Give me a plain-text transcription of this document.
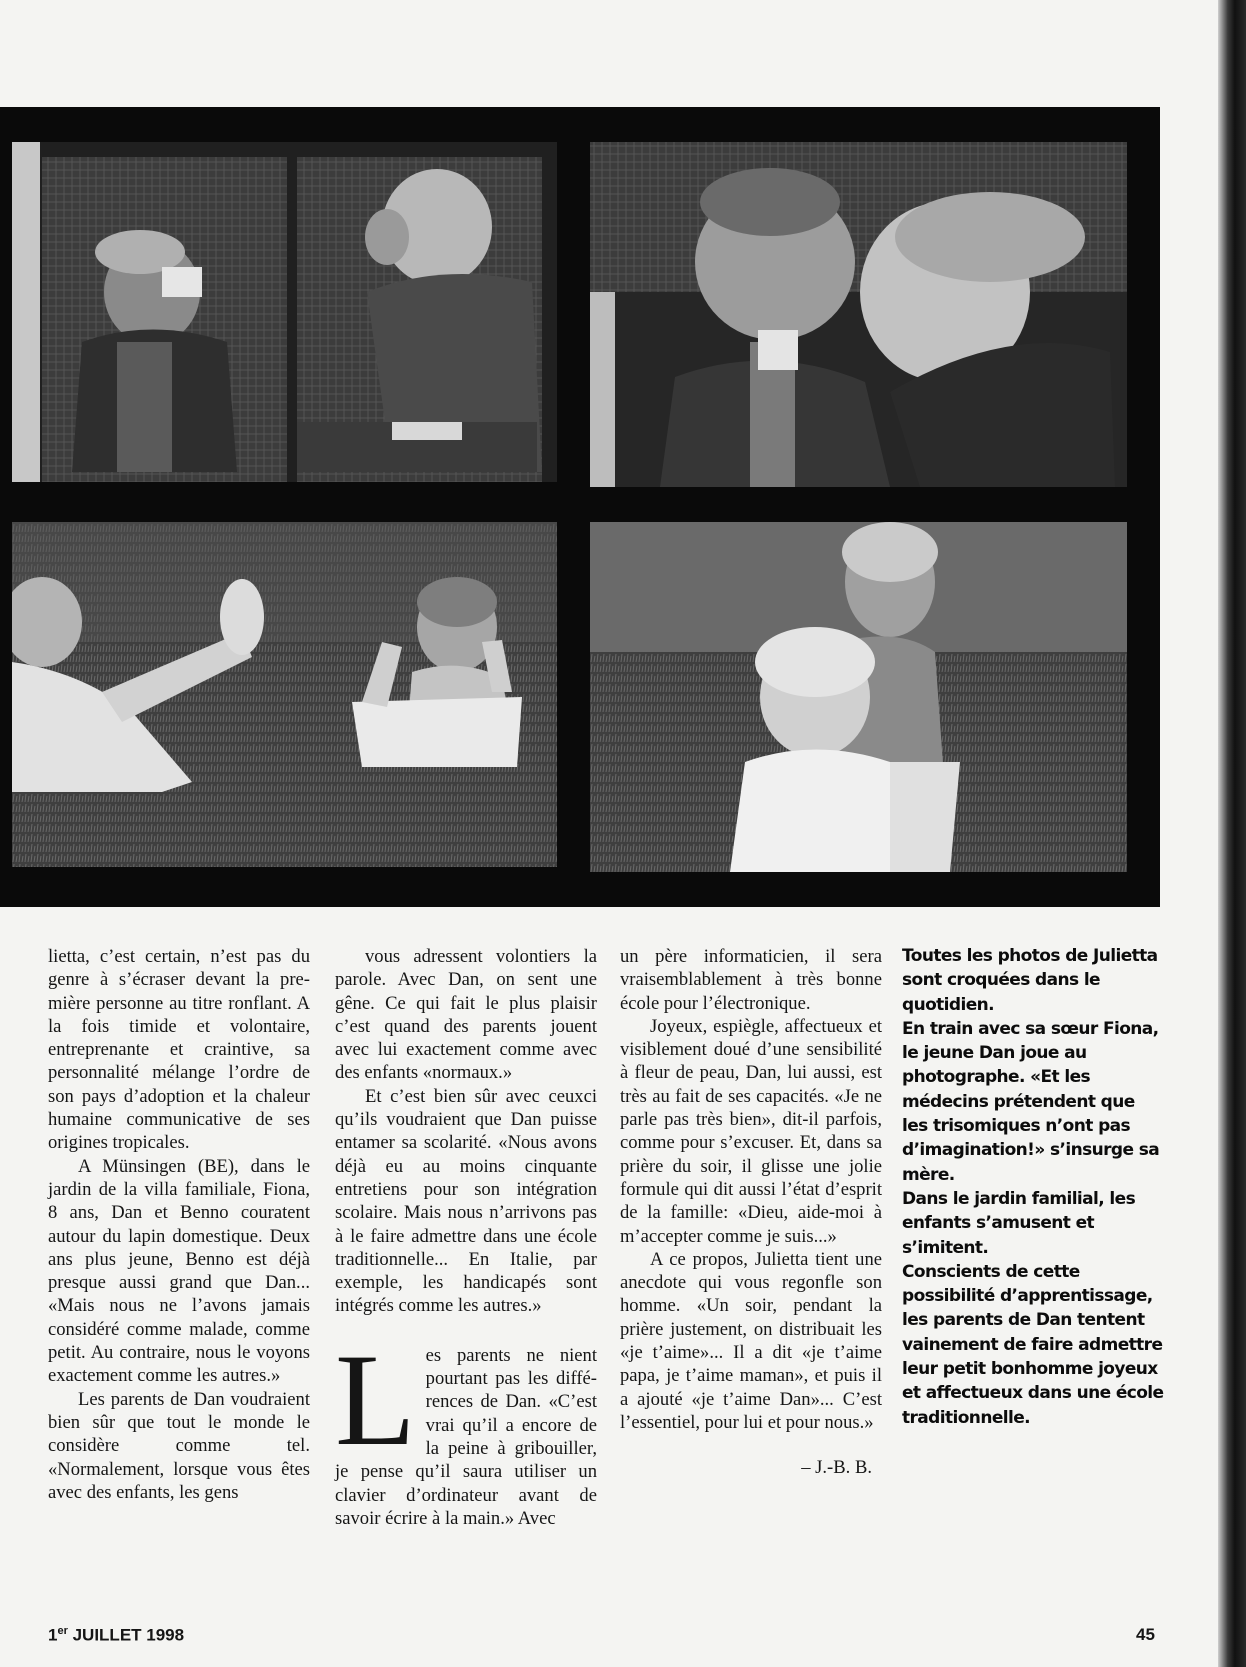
lietta, c’est certain, n’est pas du genre à s’écraser devant la première personne au titre ronflant. A la fois timide et volontaire, entreprenante et craintive, sa personnalité mélange l’ordre de son pays d’adoption et la chaleur humaine communicative de ses origines tropicales.

A Münsingen (BE), dans le jardin de la villa familiale, Fiona, 8 ans, Dan et Benno couratent autour du lapin domestique. Deux ans plus jeune, Benno est déjà presque aussi grand que Dan... «Mais nous ne l’avons jamais considéré comme malade, comme petit. Au contraire, nous le voyons exactement comme les autres.»

Les parents de Dan voudraient bien sûr que tout le monde le considère comme tel. «Normalement, lorsque vous êtes avec des enfants, les gens

vous adressent volontiers la parole. Avec Dan, on sent une gêne. Ce qui fait le plus plaisir c’est quand des parents jouent avec lui exactement comme avec des enfants «normaux.»

Et c’est bien sûr avec ceuxci qu’ils voudraient que Dan puisse entamer sa scolarité. «Nous avons déjà eu au moins cinquante entretiens pour son intégration scolaire. Mais nous n’arrivons pas à le faire admettre dans une école traditionnelle... En Italie, par exemple, les handicapés sont intégrés comme les autres.»

Les parents ne nient pourtant pas les différences de Dan. «C’est vrai qu’il a encore de la peine à gribouiller, je pense qu’il saura utiliser un clavier d’ordinateur avant de savoir écrire à la main.» Avec

un père informaticien, il sera vraisemblablement à très bonne école pour l’électronique.

Joyeux, espiègle, affectueux et visiblement doué d’une sensibilité à fleur de peau, Dan, lui aussi, est très au fait de ses capacités. «Je ne parle pas très bien», dit-il parfois, comme pour s’excuser. Et, dans sa prière du soir, il glisse une jolie formule qui dit aussi l’état d’esprit de la famille: «Dieu, aide-moi à m’accepter comme je suis...»

A ce propos, Julietta tient une anecdote qui vous regonfle son homme. «Un soir, pendant la prière justement, on distribuait les «je t’aime»... Il a dit «je t’aime papa, je t’aime maman», et puis il a ajouté «je t’aime Dan»... C’est l’essentiel, pour lui et pour nous.»

– J.-B. B.

Toutes les photos de Julietta sont croquées dans le quotidien.

En train avec sa sœur Fiona, le jeune Dan joue au photographe. «Et les médecins prétendent que les trisomiques n’ont pas d’imagination!» s’insurge sa mère.

Dans le jardin familial, les enfants s’amusent et s’imitent.

Conscients de cette possibilité d’apprentissage, les parents de Dan tentent vainement de faire admettre leur petit bonhomme joyeux et affectueux dans une école traditionnelle.

1er JUILLET 1998	45
